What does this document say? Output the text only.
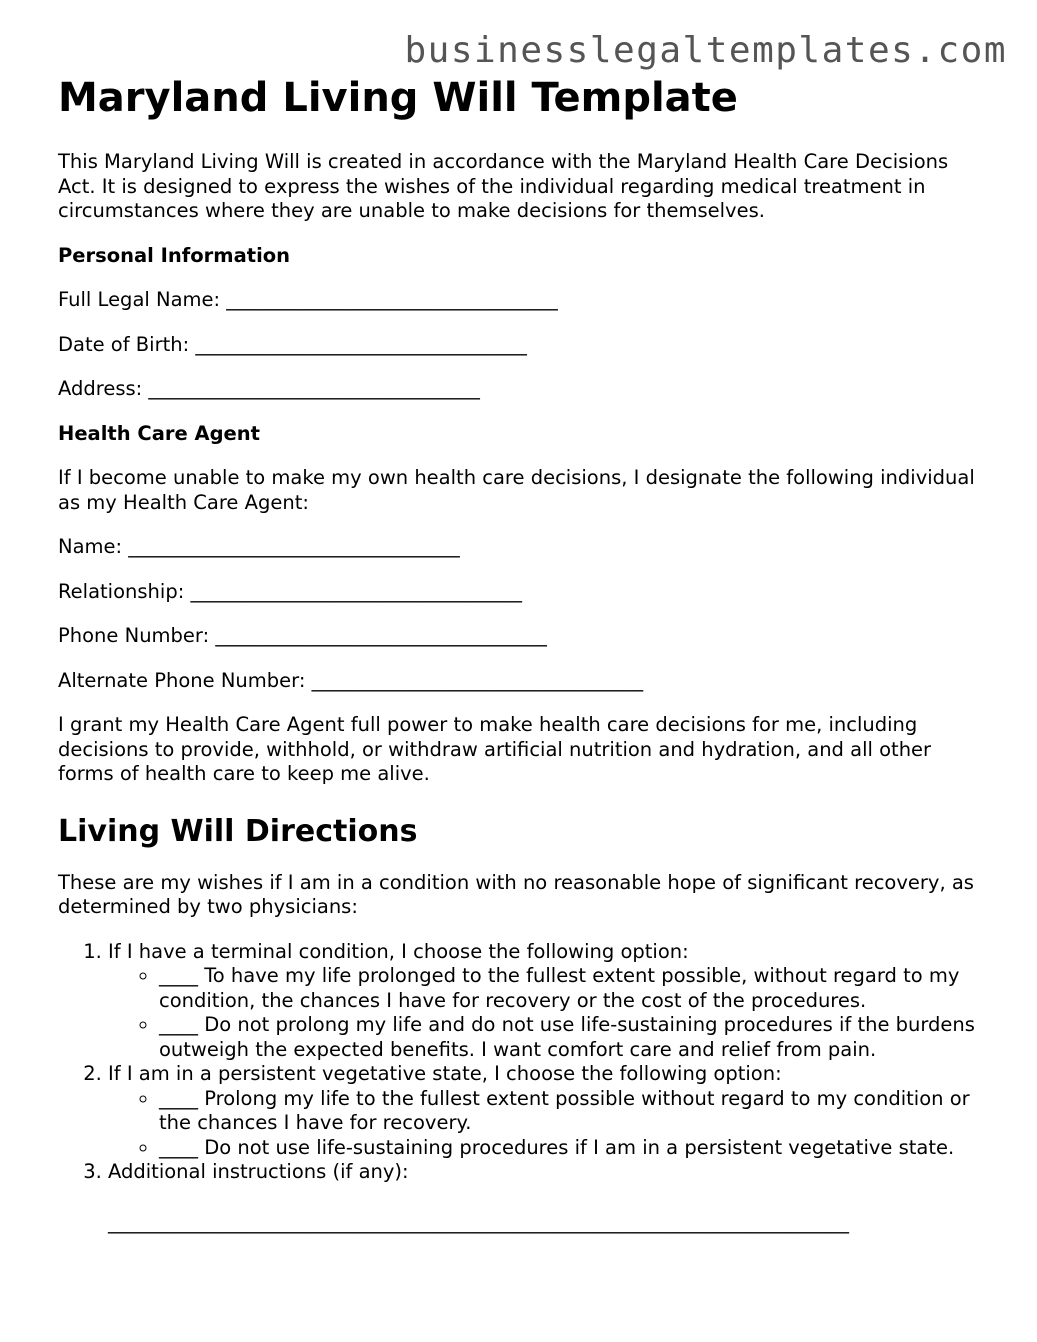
businesslegaltemplates.com
Maryland Living Will Template

This Maryland Living Will is created in accordance with the Maryland Health Care Decisions Act. It is designed to express the wishes of the individual regarding medical treatment in circumstances where they are unable to make decisions for themselves.

Personal Information

Full Legal Name: __________________________________

Date of Birth: __________________________________

Address: __________________________________

Health Care Agent

If I become unable to make my own health care decisions, I designate the following individual as my Health Care Agent:

Name: __________________________________

Relationship: __________________________________

Phone Number: __________________________________

Alternate Phone Number: __________________________________

I grant my Health Care Agent full power to make health care decisions for me, including decisions to provide, withhold, or withdraw artificial nutrition and hydration, and all other forms of health care to keep me alive.

Living Will Directions

These are my wishes if I am in a condition with no reasonable hope of significant recovery, as determined by two physicians:

1. If I have a terminal condition, I choose the following option:
◦ ____ To have my life prolonged to the fullest extent possible, without regard to my condition, the chances I have for recovery or the cost of the procedures.
◦ ____ Do not prolong my life and do not use life-sustaining procedures if the burdens outweigh the expected benefits. I want comfort care and relief from pain.
2. If I am in a persistent vegetative state, I choose the following option:
◦ ____ Prolong my life to the fullest extent possible without regard to my condition or the chances I have for recovery.
◦ ____ Do not use life-sustaining procedures if I am in a persistent vegetative state.
3. Additional instructions (if any):

____________________________________________________________________________
